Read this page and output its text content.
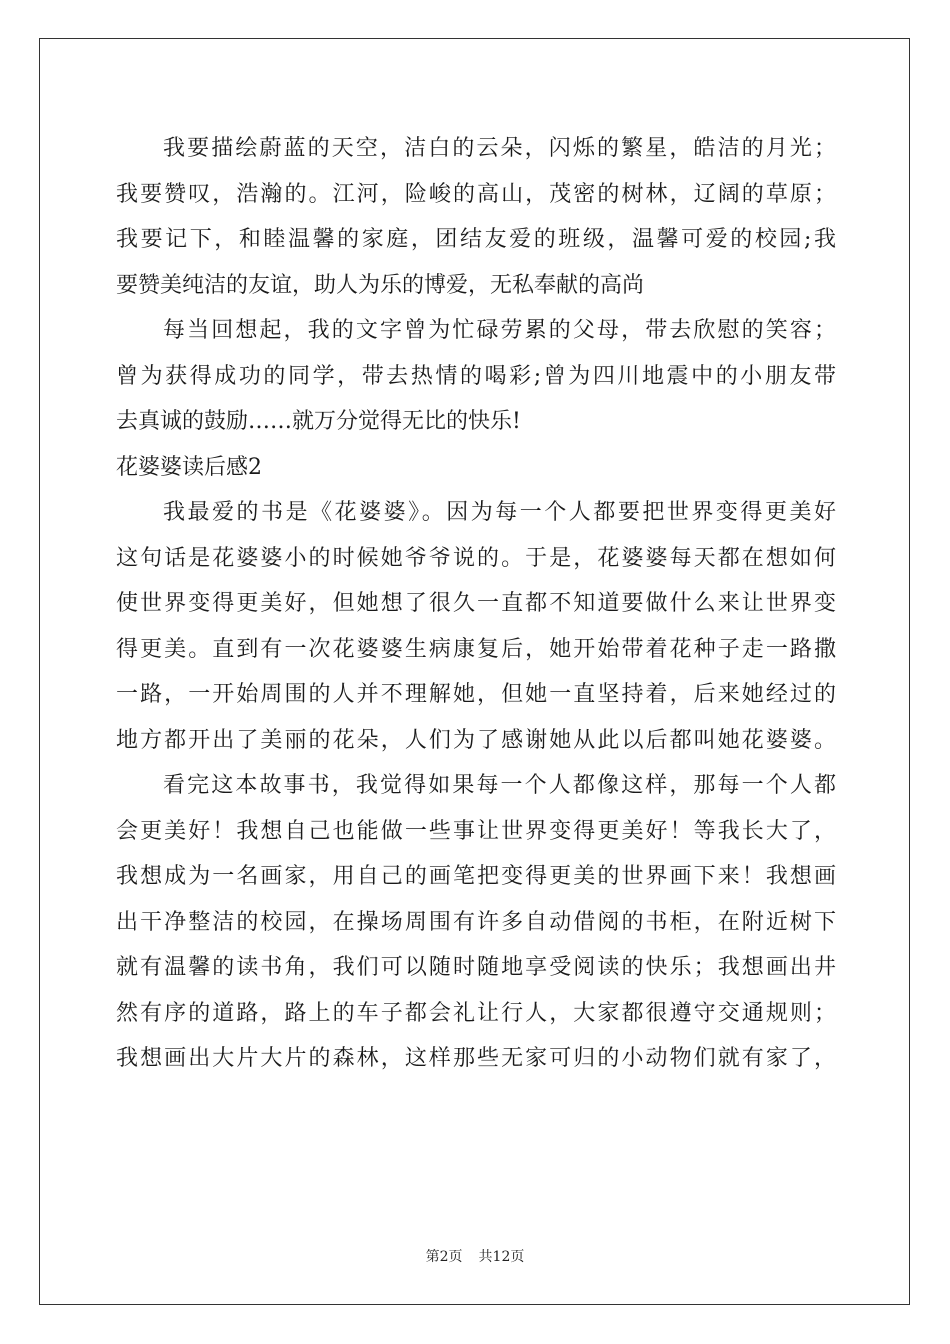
我要描绘蔚蓝的天空，洁白的云朵，闪烁的繁星，皓洁的月光；
我要赞叹，浩瀚的。江河，险峻的高山，茂密的树林，辽阔的草原；
我要记下，和睦温馨的家庭，团结友爱的班级，温馨可爱的校园;我
要赞美纯洁的友谊，助人为乐的博爱，无私奉献的高尚
每当回想起，我的文字曾为忙碌劳累的父母，带去欣慰的笑容；
曾为获得成功的同学，带去热情的喝彩;曾为四川地震中的小朋友带
去真诚的鼓励……就万分觉得无比的快乐!
花婆婆读后感2
我最爱的书是《花婆婆》。因为每一个人都要把世界变得更美好
这句话是花婆婆小的时候她爷爷说的。于是，花婆婆每天都在想如何
使世界变得更美好，但她想了很久一直都不知道要做什么来让世界变
得更美。直到有一次花婆婆生病康复后，她开始带着花种子走一路撒
一路，一开始周围的人并不理解她，但她一直坚持着，后来她经过的
地方都开出了美丽的花朵，人们为了感谢她从此以后都叫她花婆婆。
看完这本故事书，我觉得如果每一个人都像这样，那每一个人都
会更美好！我想自己也能做一些事让世界变得更美好！等我长大了，
我想成为一名画家，用自己的画笔把变得更美的世界画下来！我想画
出干净整洁的校园，在操场周围有许多自动借阅的书柜，在附近树下
就有温馨的读书角，我们可以随时随地享受阅读的快乐；我想画出井
然有序的道路，路上的车子都会礼让行人，大家都很遵守交通规则；
我想画出大片大片的森林，这样那些无家可归的小动物们就有家了，
第2页 共12页
